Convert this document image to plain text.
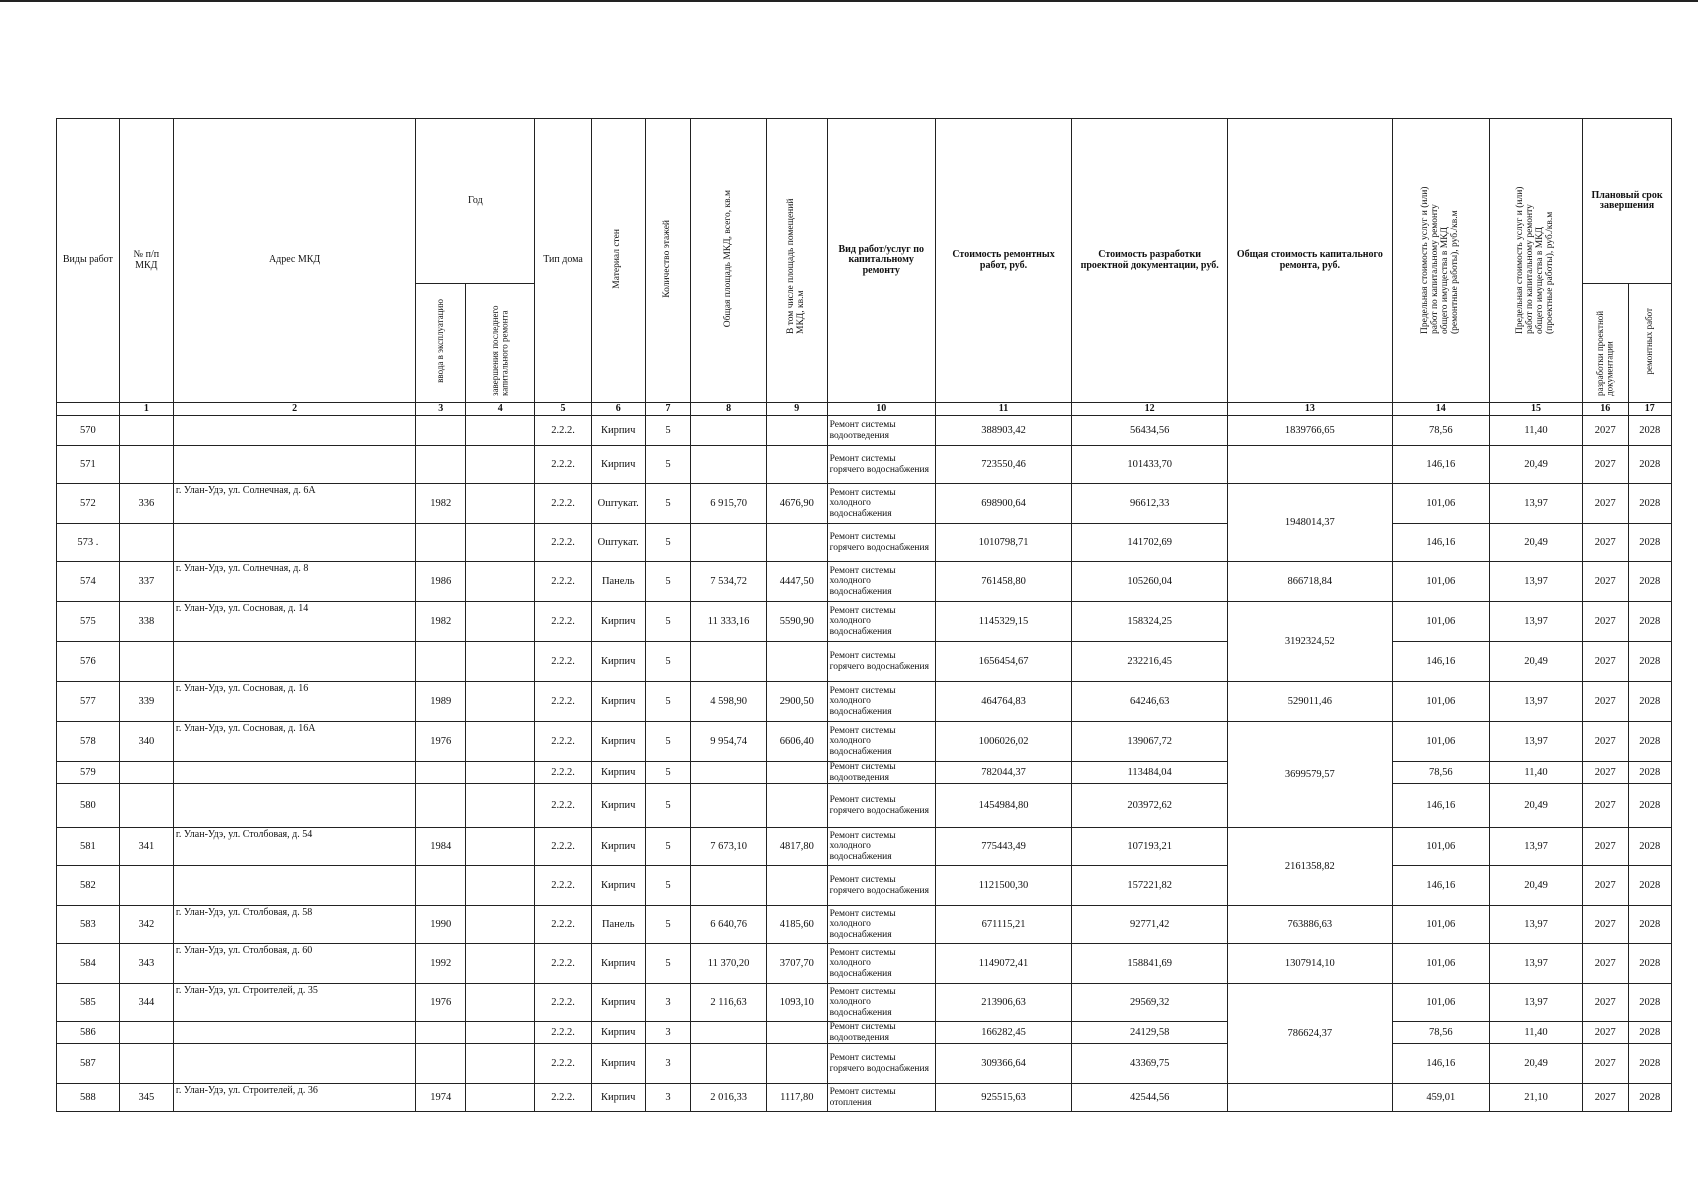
Виды работ	№ п/п МКД	Адрес МКД	Год		Тип дома	Материал стен	Количество этажей	Общая площадь МКД, всего, кв.м	В том числе площадь помещений МКД, кв.м	Вид работ/услуг по капитальному ремонту	Стоимость ремонтных работ, руб.	Стоимость разработки проектной документации, руб.	Общая стоимость капитального ремонта, руб.	Предельная стоимость услуг и (или) работ по капитальному ремонту общего имущества в МКД (ремонтные работы), руб./кв.м	Предельная стоимость услуг и (или) работ по капитальному ремонту общего имущества в МКД (проектные работы), руб./кв.м	Плановый срок завершения	
			ввода в эксплуатацию	завершения последнего капитального ремонта												разработки проектной документации	ремонтных работ
	1	2	3	4	5	6	7	8	9	10	11	12	13	14	15	16	17
570					2.2.2.	Кирпич	5			Ремонт системы водоотведения	388903,42	56434,56	1839766,65	78,56	11,40	2027	2028
571					2.2.2.	Кирпич	5			Ремонт системы горячего водоснабжения	723550,46	101433,70		146,16	20,49	2027	2028
572	336	г. Улан-Удэ, ул. Солнечная, д. 6А	1982		2.2.2.	Оштукат.	5	6 915,70	4676,90	Ремонт системы холодного водоснабжения	698900,64	96612,33	1948014,37	101,06	13,97	2027	2028
573 .					2.2.2.	Оштукат.	5			Ремонт системы горячего водоснабжения	1010798,71	141702,69		146,16	20,49	2027	2028
574	337	г. Улан-Удэ, ул. Солнечная, д. 8	1986		2.2.2.	Панель	5	7 534,72	4447,50	Ремонт системы холодного водоснабжения	761458,80	105260,04	866718,84	101,06	13,97	2027	2028
575	338	г. Улан-Удэ, ул. Сосновая, д. 14	1982		2.2.2.	Кирпич	5	11 333,16	5590,90	Ремонт системы холодного водоснабжения	1145329,15	158324,25	3192324,52	101,06	13,97	2027	2028
576					2.2.2.	Кирпич	5			Ремонт системы горячего водоснабжения	1656454,67	232216,45		146,16	20,49	2027	2028
577	339	г. Улан-Удэ, ул. Сосновая, д. 16	1989		2.2.2.	Кирпич	5	4 598,90	2900,50	Ремонт системы холодного водоснабжения	464764,83	64246,63	529011,46	101,06	13,97	2027	2028
578	340	г. Улан-Удэ, ул. Сосновая, д. 16А	1976		2.2.2.	Кирпич	5	9 954,74	6606,40	Ремонт системы холодного водоснабжения	1006026,02	139067,72	3699579,57	101,06	13,97	2027	2028
579					2.2.2.	Кирпич	5			Ремонт системы водоотведения	782044,37	113484,04		78,56	11,40	2027	2028
580					2.2.2.	Кирпич	5			Ремонт системы горячего водоснабжения	1454984,80	203972,62		146,16	20,49	2027	2028
581	341	г. Улан-Удэ, ул. Столбовая, д. 54	1984		2.2.2.	Кирпич	5	7 673,10	4817,80	Ремонт системы холодного водоснабжения	775443,49	107193,21	2161358,82	101,06	13,97	2027	2028
582					2.2.2.	Кирпич	5			Ремонт системы горячего водоснабжения	1121500,30	157221,82		146,16	20,49	2027	2028
583	342	г. Улан-Удэ, ул. Столбовая, д. 58	1990		2.2.2.	Панель	5	6 640,76	4185,60	Ремонт системы холодного водоснабжения	671115,21	92771,42	763886,63	101,06	13,97	2027	2028
584	343	г. Улан-Удэ, ул. Столбовая, д. 60	1992		2.2.2.	Кирпич	5	11 370,20	3707,70	Ремонт системы холодного водоснабжения	1149072,41	158841,69	1307914,10	101,06	13,97	2027	2028
585	344	г. Улан-Удэ, ул. Строителей, д. 35	1976		2.2.2.	Кирпич	3	2 116,63	1093,10	Ремонт системы холодного водоснабжения	213906,63	29569,32	786624,37	101,06	13,97	2027	2028
586					2.2.2.	Кирпич	3			Ремонт системы водоотведения	166282,45	24129,58		78,56	11,40	2027	2028
587					2.2.2.	Кирпич	3			Ремонт системы горячего водоснабжения	309366,64	43369,75		146,16	20,49	2027	2028
588	345	г. Улан-Удэ, ул. Строителей, д. 36	1974		2.2.2.	Кирпич	3	2 016,33	1117,80	Ремонт системы отопления	925515,63	42544,56		459,01	21,10	2027	2028
